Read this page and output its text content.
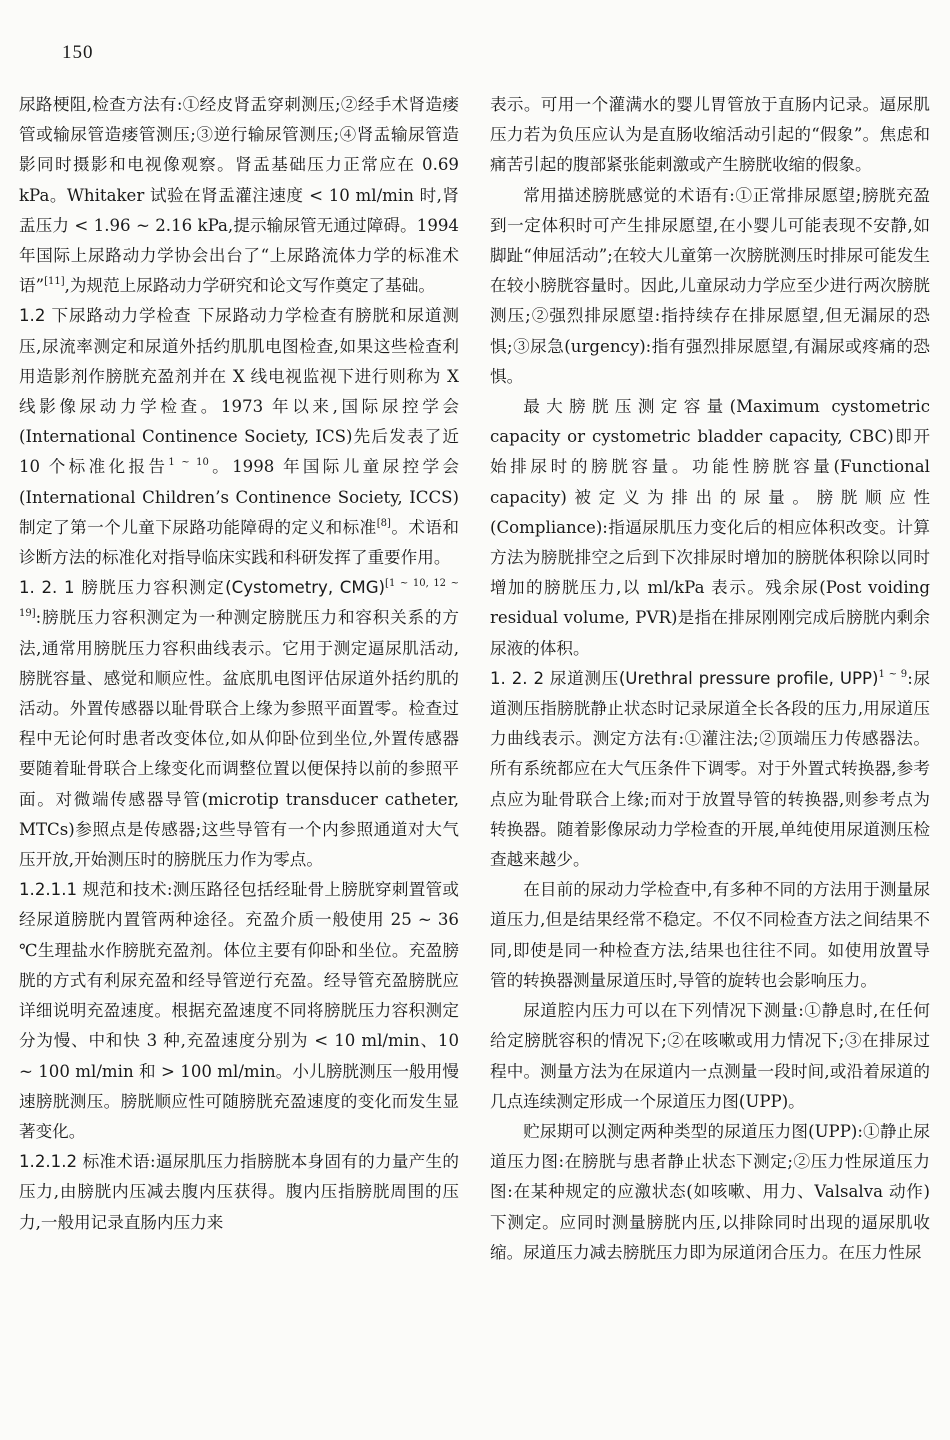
150

尿路梗阻,检查方法有:①经皮肾盂穿刺测压;②经手术肾造瘘管或输尿管造瘘管测压;③逆行输尿管测压;④肾盂输尿管造影同时摄影和电视像观察。肾盂基础压力正常应在 0.69 kPa。Whitaker 试验在肾盂灌注速度 < 10 ml/min 时,肾盂压力 < 1.96 ~ 2.16 kPa,提示输尿管无通过障碍。1994 年国际上尿路动力学协会出台了“上尿路流体力学的标准术语”[11],为规范上尿路动力学研究和论文写作奠定了基础。

1.2 下尿路动力学检查 下尿路动力学检查有膀胱和尿道测压,尿流率测定和尿道外括约肌肌电图检查,如果这些检查利用造影剂作膀胱充盈剂并在 X 线电视监视下进行则称为 X 线影像尿动力学检查。1973 年以来,国际尿控学会(International Continence Society, ICS)先后发表了近 10 个标准化报告$^{1 \sim 10}$。1998 年国际儿童尿控学会(International Children’s Continence Society, ICCS)制定了第一个儿童下尿路功能障碍的定义和标准[8]。术语和诊断方法的标准化对指导临床实践和科研发挥了重要作用。

1. 2. 1 膀胱压力容积测定(Cystometry, CMG)[1 ~ 10, 12 ~ 19]:膀胱压力容积测定为一种测定膀胱压力和容积关系的方法,通常用膀胱压力容积曲线表示。它用于测定逼尿肌活动,膀胱容量、感觉和顺应性。盆底肌电图评估尿道外括约肌的活动。外置传感器以耻骨联合上缘为参照平面置零。检查过程中无论何时患者改变体位,如从仰卧位到坐位,外置传感器要随着耻骨联合上缘变化而调整位置以便保持以前的参照平面。对微端传感器导管(microtip transducer catheter, MTCs)参照点是传感器;这些导管有一个内参照通道对大气压开放,开始测压时的膀胱压力作为零点。

1.2.1.1 规范和技术:测压路径包括经耻骨上膀胱穿刺置管或经尿道膀胱内置管两种途径。充盈介质一般使用 25 ~ 36 ℃生理盐水作膀胱充盈剂。体位主要有仰卧和坐位。充盈膀胱的方式有利尿充盈和经导管逆行充盈。经导管充盈膀胱应详细说明充盈速度。根据充盈速度不同将膀胱压力容积测定分为慢、中和快 3 种,充盈速度分别为 < 10 ml/min、10 ~ 100 ml/min 和 > 100 ml/min。小儿膀胱测压一般用慢速膀胱测压。膀胱顺应性可随膀胱充盈速度的变化而发生显著变化。

1.2.1.2 标准术语:逼尿肌压力指膀胱本身固有的力量产生的压力,由膀胱内压减去腹内压获得。腹内压指膀胱周围的压力,一般用记录直肠内压力来

表示。可用一个灌满水的婴儿胃管放于直肠内记录。逼尿肌压力若为负压应认为是直肠收缩活动引起的“假象”。焦虑和痛苦引起的腹部紧张能刺激或产生膀胱收缩的假象。

常用描述膀胱感觉的术语有:①正常排尿愿望;膀胱充盈到一定体积时可产生排尿愿望,在小婴儿可能表现不安静,如脚趾“伸屈活动”;在较大儿童第一次膀胱测压时排尿可能发生在较小膀胱容量时。因此,儿童尿动力学应至少进行两次膀胱测压;②强烈排尿愿望:指持续存在排尿愿望,但无漏尿的恐惧;③尿急(urgency):指有强烈排尿愿望,有漏尿或疼痛的恐惧。

最大膀胱压测定容量(Maximum cystometric capacity or cystometric bladder capacity, CBC)即开始排尿时的膀胱容量。功能性膀胱容量(Functional capacity)被定义为排出的尿量。膀胱顺应性(Compliance):指逼尿肌压力变化后的相应体积改变。计算方法为膀胱排空之后到下次排尿时增加的膀胱体积除以同时增加的膀胱压力,以 ml/kPa 表示。残余尿(Post voiding residual volume, PVR)是指在排尿刚刚完成后膀胱内剩余尿液的体积。

1. 2. 2 尿道测压(Urethral pressure profile, UPP)$^{1 \sim 9}$:尿道测压指膀胱静止状态时记录尿道全长各段的压力,用尿道压力曲线表示。测定方法有:①灌注法;②顶端压力传感器法。所有系统都应在大气压条件下调零。对于外置式转换器,参考点应为耻骨联合上缘;而对于放置导管的转换器,则参考点为转换器。随着影像尿动力学检查的开展,单纯使用尿道测压检查越来越少。

在目前的尿动力学检查中,有多种不同的方法用于测量尿道压力,但是结果经常不稳定。不仅不同检查方法之间结果不同,即使是同一种检查方法,结果也往往不同。如使用放置导管的转换器测量尿道压时,导管的旋转也会影响压力。

尿道腔内压力可以在下列情况下测量:①静息时,在任何给定膀胱容积的情况下;②在咳嗽或用力情况下;③在排尿过程中。测量方法为在尿道内一点测量一段时间,或沿着尿道的几点连续测定形成一个尿道压力图(UPP)。

贮尿期可以测定两种类型的尿道压力图(UPP):①静止尿道压力图:在膀胱与患者静止状态下测定;②压力性尿道压力图:在某种规定的应激状态(如咳嗽、用力、Valsalva 动作)下测定。应同时测量膀胱内压,以排除同时出现的逼尿肌收缩。尿道压力减去膀胱压力即为尿道闭合压力。在压力性尿
